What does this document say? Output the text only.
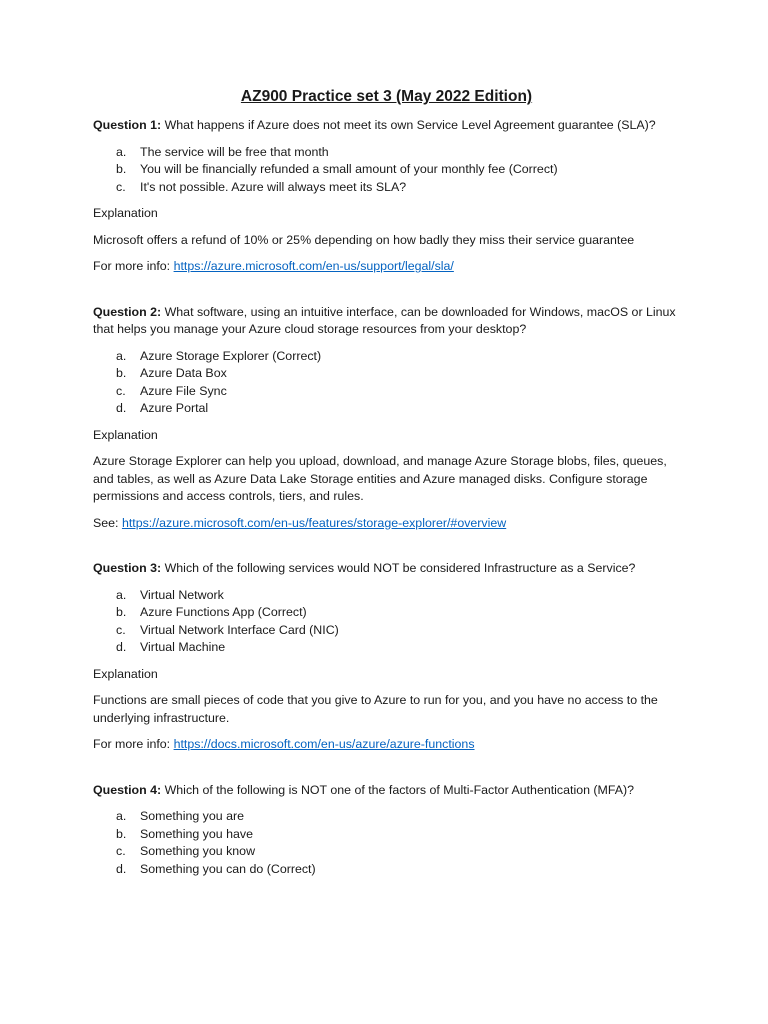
AZ900 Practice set 3 (May 2022 Edition)

Question 1: What happens if Azure does not meet its own Service Level Agreement guarantee (SLA)?

a.	The service will be free that month
b.	You will be financially refunded a small amount of your monthly fee (Correct)
c.	It's not possible. Azure will always meet its SLA?

Explanation

Microsoft offers a refund of 10% or 25% depending on how badly they miss their service guarantee

For more info: https://azure.microsoft.com/en-us/support/legal/sla/

Question 2: What software, using an intuitive interface, can be downloaded for Windows, macOS or Linux that helps you manage your Azure cloud storage resources from your desktop?

a.	Azure Storage Explorer (Correct)
b.	Azure Data Box
c.	Azure File Sync
d.	Azure Portal

Explanation

Azure Storage Explorer can help you upload, download, and manage Azure Storage blobs, files, queues, and tables, as well as Azure Data Lake Storage entities and Azure managed disks. Configure storage permissions and access controls, tiers, and rules.

See: https://azure.microsoft.com/en-us/features/storage-explorer/#overview

Question 3: Which of the following services would NOT be considered Infrastructure as a Service?

a.	Virtual Network
b.	Azure Functions App (Correct)
c.	Virtual Network Interface Card (NIC)
d.	Virtual Machine

Explanation

Functions are small pieces of code that you give to Azure to run for you, and you have no access to the underlying infrastructure.

For more info: https://docs.microsoft.com/en-us/azure/azure-functions

Question 4: Which of the following is NOT one of the factors of Multi-Factor Authentication (MFA)?

a.	Something you are
b.	Something you have
c.	Something you know
d.	Something you can do (Correct)
